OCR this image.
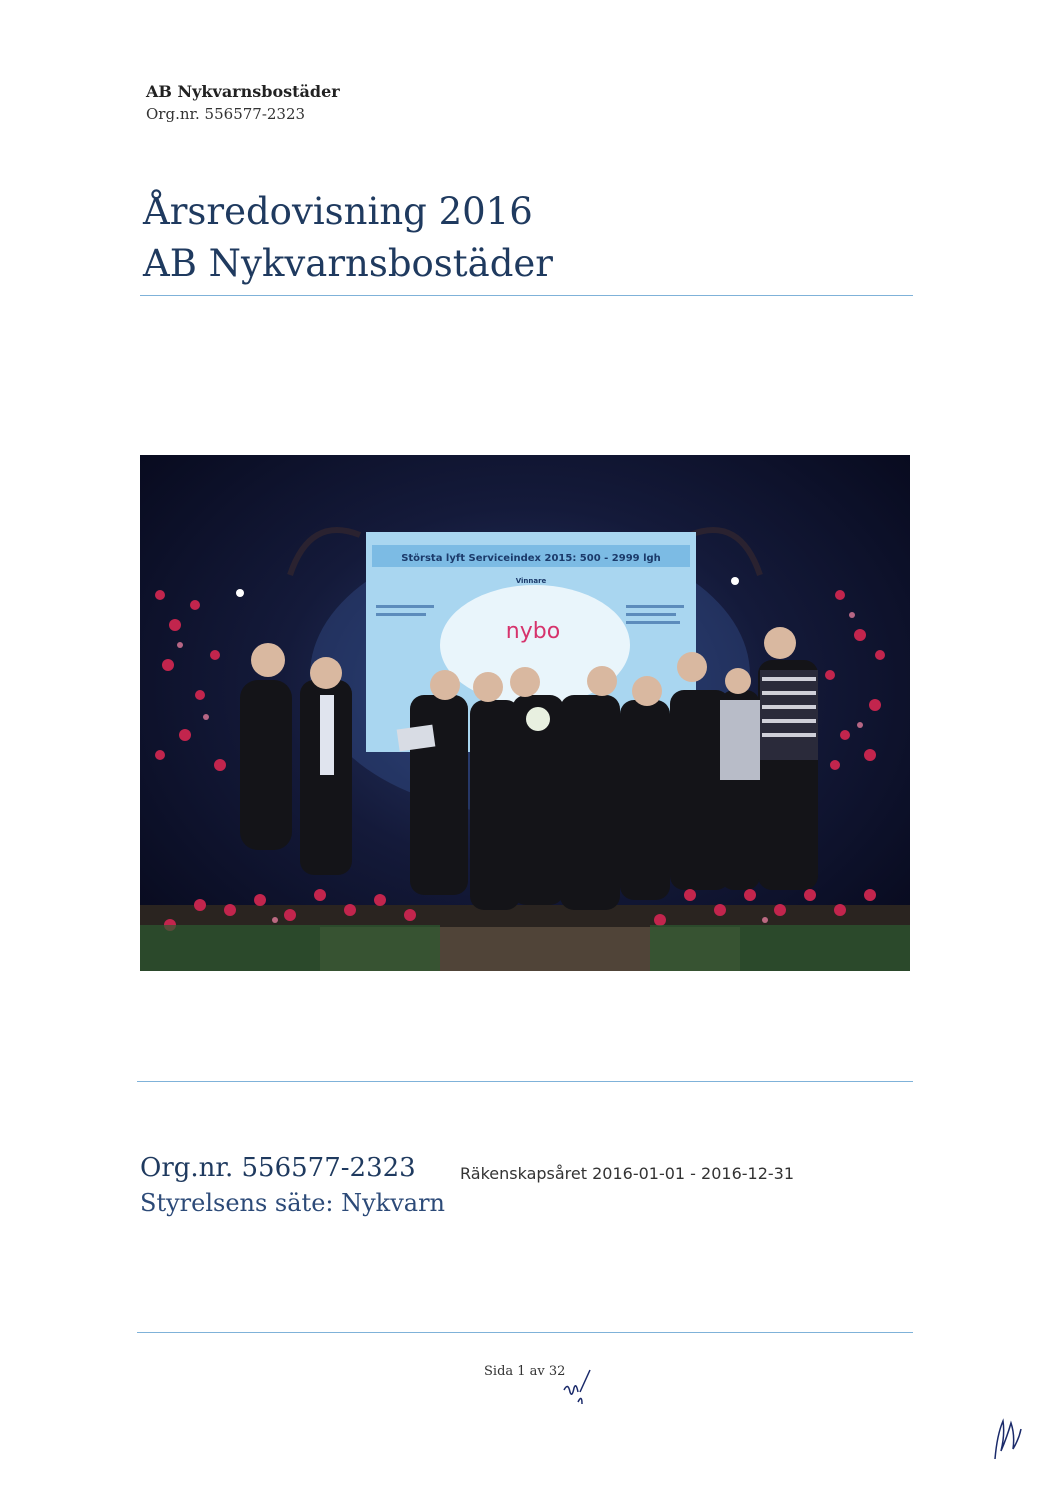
AB Nykvarnsbostäder
Org.nr. 556577-2323
Årsredovisning 2016
AB Nykvarnsbostäder
Största lyft Serviceindex 2015: 500 - 2999 lgh
Vinnare
nybo
Org.nr. 556577-2323	Räkenskapsåret 2016-01-01 - 2016-12-31
Styrelsens säte: Nykvarn
Sida 1 av 32
